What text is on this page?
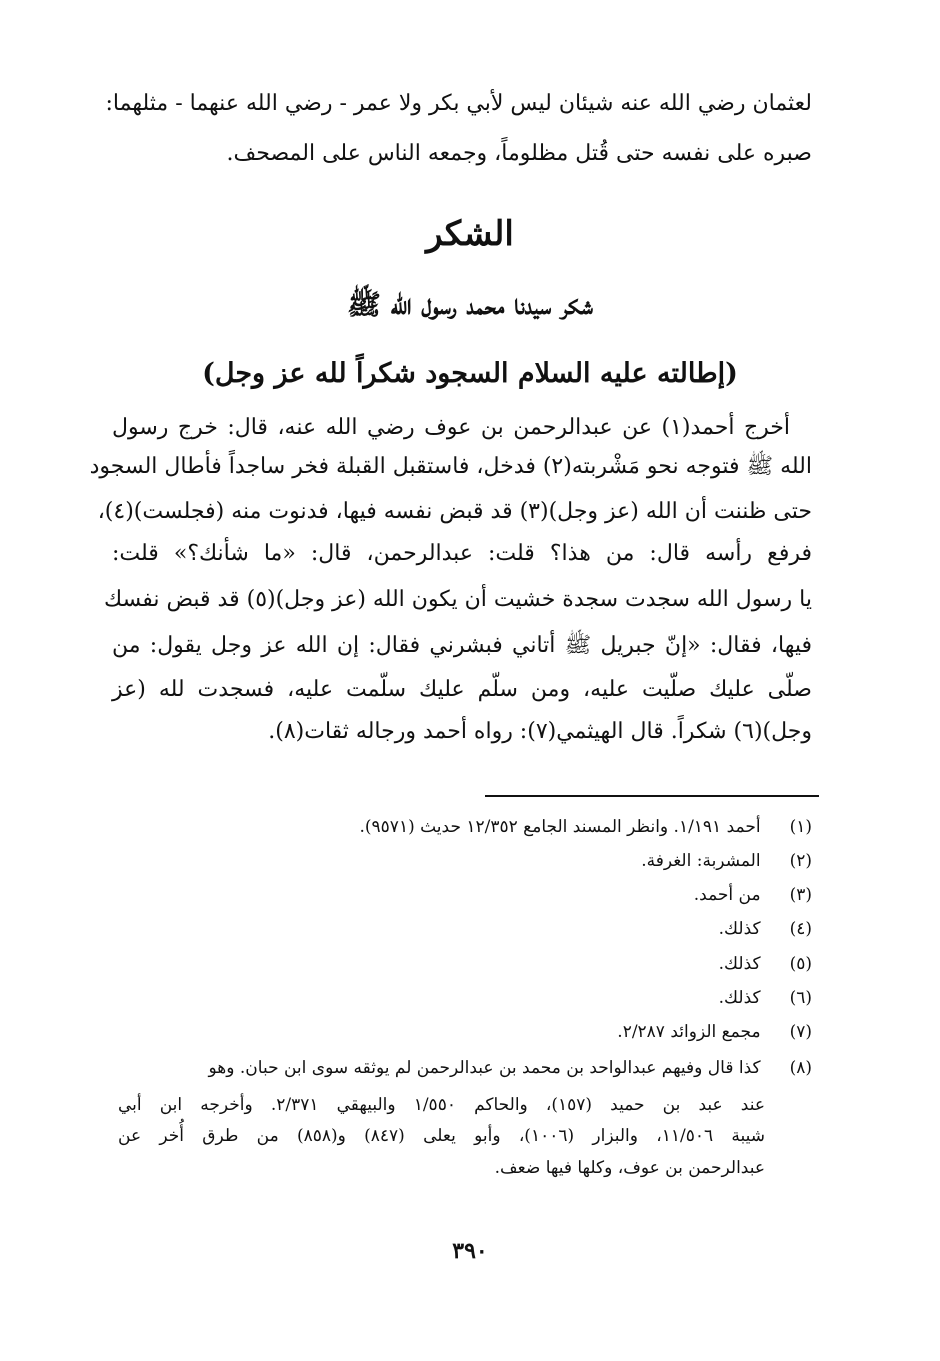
لعثمان رضي الله عنه شيئان ليس لأبي بكر ولا عمر - رضي الله عنهما - مثلهما:
صبره على نفسه حتى قُتل مظلوماً، وجمعه الناس على المصحف.
الشكر
شكر سيدنا محمد رسول الله ﷺ
(إطالته عليه السلام السجود شكراً لله عز وجل)
أخرج أحمد(١) عن عبدالرحمن بن عوف رضي الله عنه، قال: خرج رسول
الله ﷺ فتوجه نحو مَشْربته(٢) فدخل، فاستقبل القبلة فخر ساجداً فأطال السجود
حتى ظننت أن الله (عز وجل)(٣) قد قبض نفسه فيها، فدنوت منه (فجلست)(٤)،
فرفع رأسه قال: من هذا؟ قلت: عبدالرحمن، قال: «ما شأنك؟» قلت:
يا رسول الله سجدت سجدة خشيت أن يكون الله (عز وجل)(٥) قد قبض نفسك
فيها، فقال: «إنّ جبريل ﷺ أتاني فبشرني فقال: إن الله عز وجل يقول: من
صلّى عليك صلّيت عليه، ومن سلّم عليك سلّمت عليه، فسجدت لله (عز
وجل)(٦) شكراً. قال الهيثمي(٧): رواه أحمد ورجاله ثقات(٨).
(١) أحمد ١/١٩١. وانظر المسند الجامع ١٢/٣٥٢ حديث (٩٥٧١).
(٢) المشربة: الغرفة.
(٣) من أحمد.
(٤) كذلك.
(٥) كذلك.
(٦) كذلك.
(٧) مجمع الزوائد ٢/٢٨٧.
(٨) كذا قال وفيهم عبدالواحد بن محمد بن عبدالرحمن لم يوثقه سوى ابن حبان. وهو
عند عبد بن حميد (١٥٧)، والحاكم ١/٥٥٠ والبيهقي ٢/٣٧١. وأخرجه ابن أبي
شيبة ١١/٥٠٦، والبزار (١٠٠٦)، وأبو يعلى (٨٤٧) و(٨٥٨) من طرق أُخر عن
عبدالرحمن بن عوف، وكلها فيها ضعف.
٣٩٠
